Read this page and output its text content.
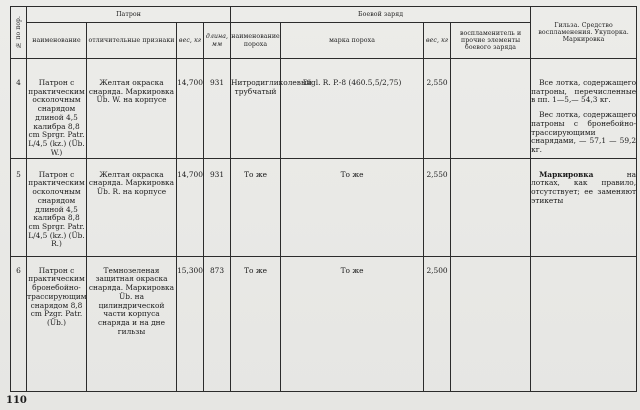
№ по пор.	Патрон				Боевой заряд				Гильза. Средство воспламенения. Укупорка. Маркировка
	наименование	отличительные признаки	вес, кг	длина, мм	наименование пороха	марка пороха	вес, кг	воспламенитель и прочие элементы боевого заряда	

4	Патрон с практическим осколочным снарядом длиной 4,5 калибра 8,8 cm Sprgr. Patr. L/4,5 (kz.) (Üb. W.)	Желтая окраска снаряда. Маркировка Üb. W. на корпусе	14,700	931	Нитродигликолевый трубчатый	Digl. R. P.-8 (460.5,5/2,75)	2,550		Все лотка, содержащего патроны, перечисленные в пп. 1—5,— 54,3 кг.
Вес лотка, содержащего патроны с бронебойно-трассирующими снарядами, — 57,1 — 59,2 кг.

5	Патрон с практическим осколочным снарядом длиной 4,5 калибра 8,8 cm Sprgr. Patr. L/4,5 (kz.) (Üb. R.)	Желтая окраска снаряда. Маркировка Üb. R. на корпусе	14,700	931	То же	То же	2,550		Маркировка на лотках, как правило, отсутствует; ее заменяют этикеты

6	Патрон с практическим бронебойно-трассирующим снарядом 8,8 cm Pzgr. Patr. (Üb.)	Темнозеленая защитная окраска снаряда. Маркировка Üb. на цилиндрической части корпуса снаряда и на дне гильзы	15,300	873	То же	То же	2,500		

110
